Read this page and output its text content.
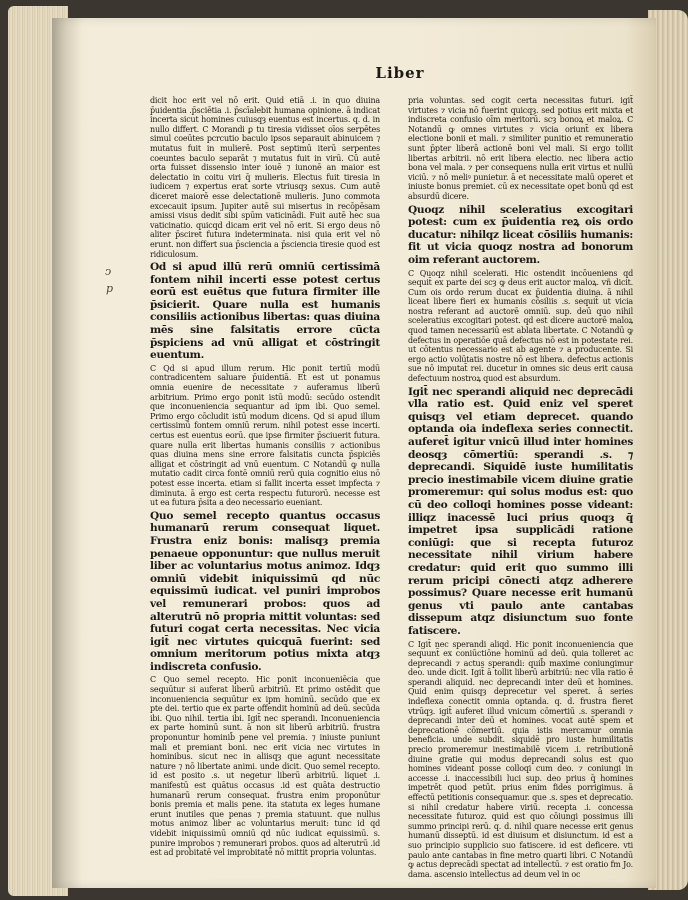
Liber
ͻ
p

dicit hoc erit vel nō erit. Quid etiā .i. in quo diuina p̄uidentia .p̄sciētia .i. p̄scīalebit humana opinione. ā indicat incerta sicut homines cuiusqȝ euentus est incertus. q. d. in nullo differt. C Morandi ꝑ tu tiresia vidisset oīos serpētes simul coeūtes pcrcutio baculo ipsos separauit abinuicem ⁊ mutatus fuit in mulierē. Post septimū iterū serpentes coeuntes baculo separāt ⁊ mutatus fuit in virū. Cū autē orta fuisset dissensio inter iouē ⁊ iunonē an maior est delectatio in coitu viri q̄ mulieris. Electus fuit tiresia in iudicem ⁊ expertus erat sorte vtriusqȝ sexus. Cum autē diceret maiorē esse delectationē mulieris. Juno commota excecauit ipsum. Jupiter autē sui misertus in recōpēsam amissi visus dedit sibi spūm vaticinādi. Fuit autē hec sua vaticinatio. quicqd dicam erit vel nō erit. Si ergo deus nō aliter p̄sciret futura indeterminata. nisi quia erit vel nō erunt. non differt sua p̄sciencia a p̄sciencia tiresie quod est ridiculosum.

Od si apud illū rerū omniū certissimā fontem nihil incerti esse potest certus eorū est euētus que futura firmiter ille p̄sicierit. Quare nulla est humanis consiliis actionibus libertas: quas diuina mēs sine falsitatis errore cūcta p̄spiciens ad vnū alligat et cōstringit euentum.

C Qd si apud illum rerum. Hic ponit tertiū modū contradicentem saluare p̄uidentiā. Et est ut ponamus omnia euenire de necessitate ⁊ auferamus liberū arbitrium. Primo ergo ponit istū modū: secūdo ostendit que inconueniencia sequantur ad ipm ibi. Quo semel. Primo ergo cōcludit istū modum dicens. Qd si apud illum certissimū fontem omniū rerum. nihil potest esse incerti. certus est euentus eorū. que ipse firmiter p̄sciuerit futura. quare nulla erit libertas humanis consiliis ⁊ actionibus quas diuina mens sine errore falsitatis cuncta p̄spiciēs alligat et cōstringit ad vnū euentum. C Notandū ꝙ nulla mutatio cadit circa fontē omniū rerū quia cognitio eius nō potest esse incerta. etiam si fallit incerta esset impfecta ⁊ diminuta. ā ergo est certa respectu futurorū. necesse est ut ea futura p̄sita a deo necessario eueniant.

Quo semel recepto quantus occasus humanarū rerum consequat liquet. Frustra eniz bonis: malisqȝ premia penaeue opponuntur: que nullus meruit liber ac voluntarius motus animoz. Idqȝ omniū videbit iniquissimū qd nūc equissimū iudicat. vel puniri improbos vel remunerari probos: quos ad alterutrū nō propria mittit voluntas: sed futuri cogat certa necessitas. Nec vicia igit̄ nec virtutes quicquā fuerint: sed omnium meritorum potius mixta atqȝ indiscreta confusio.

C Quo semel recepto. Hic ponit inconueniēcia que sequūtur si auferat liberū arbitriū. Et primo ostēdit que inconueniencia sequūtur ex ipm hominū. secūdo que ex pte dei. tertio que ex parte offendit hominū ad deū. secūda ibi. Quo nihil. tertia ibi. Igit̄ nec sperandi. Inconueniencia ex parte hominū sunt. ā non sit liberū arbitriū. frustra proponuntur hominib̄ pene vel premia. ⁊ iniuste puniunt mali et premiant boni. nec erit vicia nec virtutes in hominibus. sicut nec in aliisqȝ que agunt necessitate nature ⁊ nō libertate animi. unde dicit. Quo semel recepto. id est posito .s. ut negetur liberū arbitriū. liquet .i. manifestū est quātus occasus .id est quāta destructio humanarū rerum consequat. frustra enim proponūtur bonis premia et malis pene. ita statuta ex leges humane erunt inutiles que penas ⁊ premia statuunt. que nullus motus animoz liber ac voluntarius meruit: tunc id qd videbit iniquissimū omniū qd nūc iudicat equissimū. s. punire improbos ⁊ remunerari probos. quos ad alterutrū .id est ad probitatē vel improbitatē nō mittit propria voluntas.

pria voluntas. sed cogit certa necessitas futuri. igit̄ virtutes ⁊ vicia nō fuerint quicqȝ. sed potius erit mixta et indiscreta confusio oīm meritorū. scȝ bonoꝝ et maloꝝ. C Notandū ꝙ omnes virtutes ⁊ vicia oriunt̄ ex libera electione bonii et mali. ⁊ similiter punitio et remuneratio sunt p̄pter liberā actionē boni vel mali. Si ergo tollit libertas arbitrii. nō erit libera electio. nec libera actio bona vel mala. ⁊ per consequens nulla erit virtus et nullū viciū. ⁊ nō meliꝰ punietur. ā et necessitate malū operet et iniuste bonus premiet. cū ex necessitate opet bonū qd est absurdū dicere.

Quoqz nihil sceleratius excogitari potest: cum ex p̄uidentia reꝝ ois ordo ducatur: nihilqz liceat cōsiliis humanis: fit ut vicia quoqz nostra ad bonorum oim referant auctorem.

C Quoqz nihil scelerati. Hic ostendit incōueniens qd sequit̄ ex parte dei scȝ ꝙ deus erit auctor maloꝝ. vñ dicit. Cum ois ordo rerum ducat ex p̄uidentia diuina. ā nihil liceat libere fieri ex humanis cōsiliis .s. sequit̄ ut vicia nostra referant ad auctorē omniū. sup. deū quo nihil sceleratius excogitari potest. qd est dicere auctorē maloꝝ quod tamen necessariū est ablata libertate. C Notandū ꝙ defectus in operatiōe quā defectus nō est in potestate rei. ut cōtentus necessario est ab agente ⁊ a producente. Si ergo actio volūtatis nostre nō est libera. defectus actionis sue nō imputat̄ rei. ducetur in omnes sic deus erit causa defectuum nostroꝝ quod est absurdum.

Igit̄ nec sperandi aliquid nec deprecādi vlla ratio est. Quid eniz vel speret quisqȝ vel etiam deprecet. quando optanda oia indeflexa series connectit. auferet̄ igitur vnicū illud inter homines deosqȝ cōmertiū: sperandi .s. ⁊ deprecandi. Siquidē iuste humilitatis precio inestimabile vicem diuine gratie promeremur: qui solus modus est: quo cū deo colloqi homines posse videant: illiqz inacessē luci prius quoqȝ q̄ impetret ipsa supplicādi ratione coniūgi: que si recepta futuroz necessitate nihil virium habere credatur: quid erit quo summo illi rerum pricipi cōnecti atqz adherere possimus? Quare necesse erit humanū genus vti paulo ante cantabas dissepum atqz disiunctum suo fonte fatiscere.

C Igit̄ nec sperandi aliqd. Hic ponit inconueniencia que sequunt̄ ex coniūctiōne hominū ad deū. quia tolleret ac deprecandi ⁊ actus sperandi: quib̄ maxime coniungimur deo. unde dicit. Igit̄ ā tollit liberū arbitriū: nec vlla ratio ē sperandi aliquid. nec deprecandi inter deū et homines. Quid enim quisqȝ deprecetur vel speret. ā series indeflexa conectit omnia optanda. q. d. frustra fieret vtrūqȝ. igit̄ auferet illud vnicum cōmertiū .s. sperandi ⁊ deprecandi inter deū et homines. vocat autē spem et deprecationē cōmertiū. quia istis mercamur omnia beneficia. unde subdit. siquidē pro iuste humilitatis precio promeremur inestimabilē vicem .i. retributionē diuine gratie qui modus deprecandi solus est quo homines videant posse colloqi cum deo. ⁊ coniungi in accesse .i. inaccessibili luci sup. deo prius q̄ homines impetrēt quod petūt. prius enim fides porrigimus. ā effectū petitionis consequamur. que .s. spes et deprecatio. si nihil credatur habere viriū. recepta .i. concessa necessitate futuroz. quid est quo cōiungi possimus illi summo principi rerū. q. d. nihil quare necesse erit genus humanū disseptū. id est diuisum et disiunctum. id est a suo principio supplicio suo fatiscere. id est deficere. vti paulo ante cantabas in fine metro quarti libri. C Notandū ꝙ actus deprecādi spectat ad intellectū. ⁊ est oratio fm Jo. dama. ascensio intellectus ad deum vel in oc
